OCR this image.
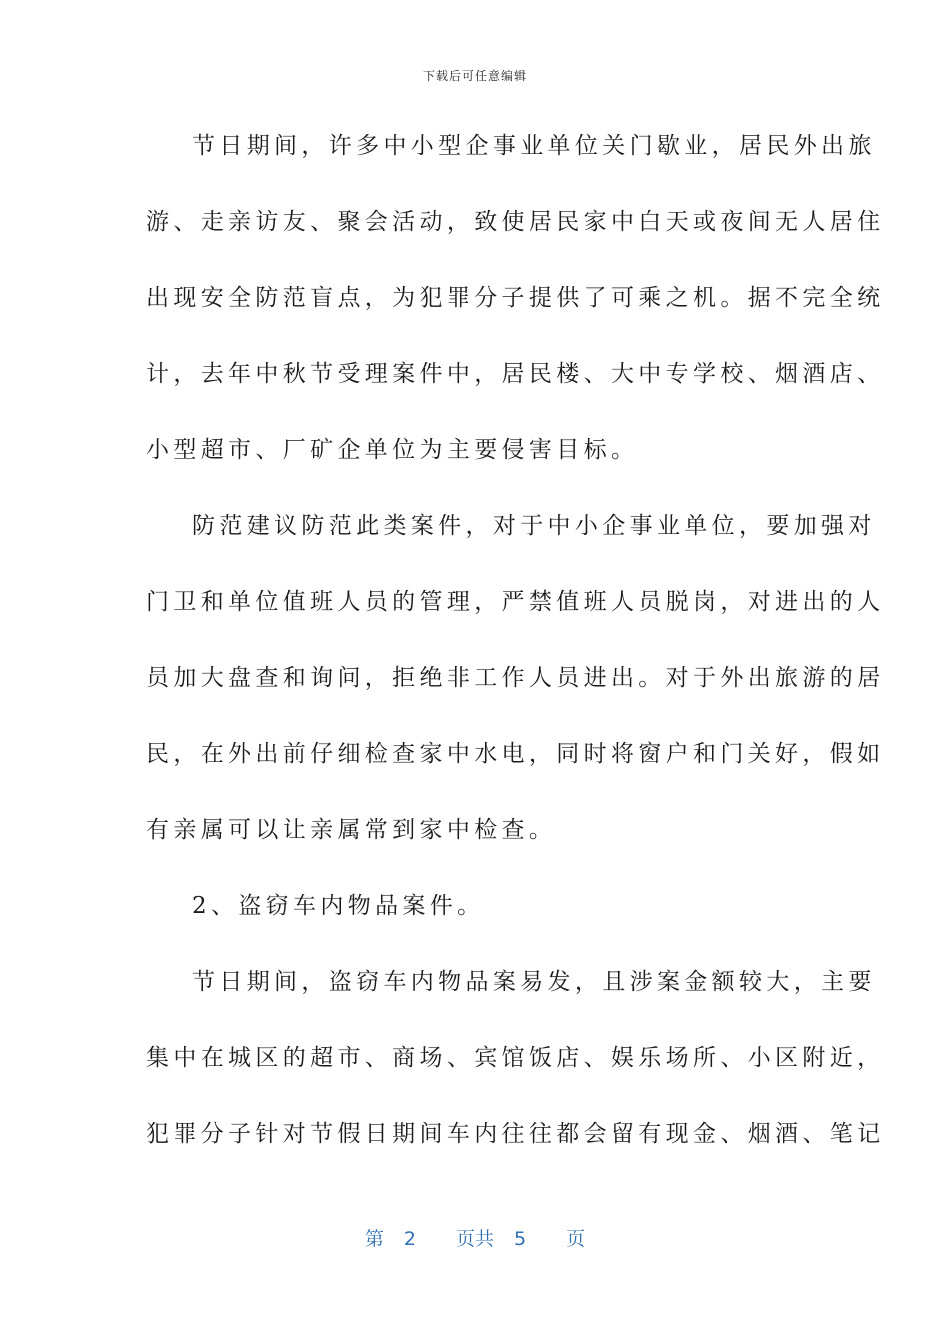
下载后可任意编辑
节日期间，许多中小型企事业单位关门歇业，居民外出旅
游、走亲访友、聚会活动，致使居民家中白天或夜间无人居住
出现安全防范盲点，为犯罪分子提供了可乘之机。据不完全统
计，去年中秋节受理案件中，居民楼、大中专学校、烟酒店、
小型超市、厂矿企单位为主要侵害目标。
防范建议防范此类案件，对于中小企事业单位，要加强对
门卫和单位值班人员的管理，严禁值班人员脱岗，对进出的人
员加大盘查和询问，拒绝非工作人员进出。对于外出旅游的居
民，在外出前仔细检查家中水电，同时将窗户和门关好，假如
有亲属可以让亲属常到家中检查。
2、盗窃车内物品案件。
节日期间，盗窃车内物品案易发，且涉案金额较大，主要
集中在城区的超市、商场、宾馆饭店、娱乐场所、小区附近，
犯罪分子针对节假日期间车内往往都会留有现金、烟酒、笔记
第 2 页共 5 页
